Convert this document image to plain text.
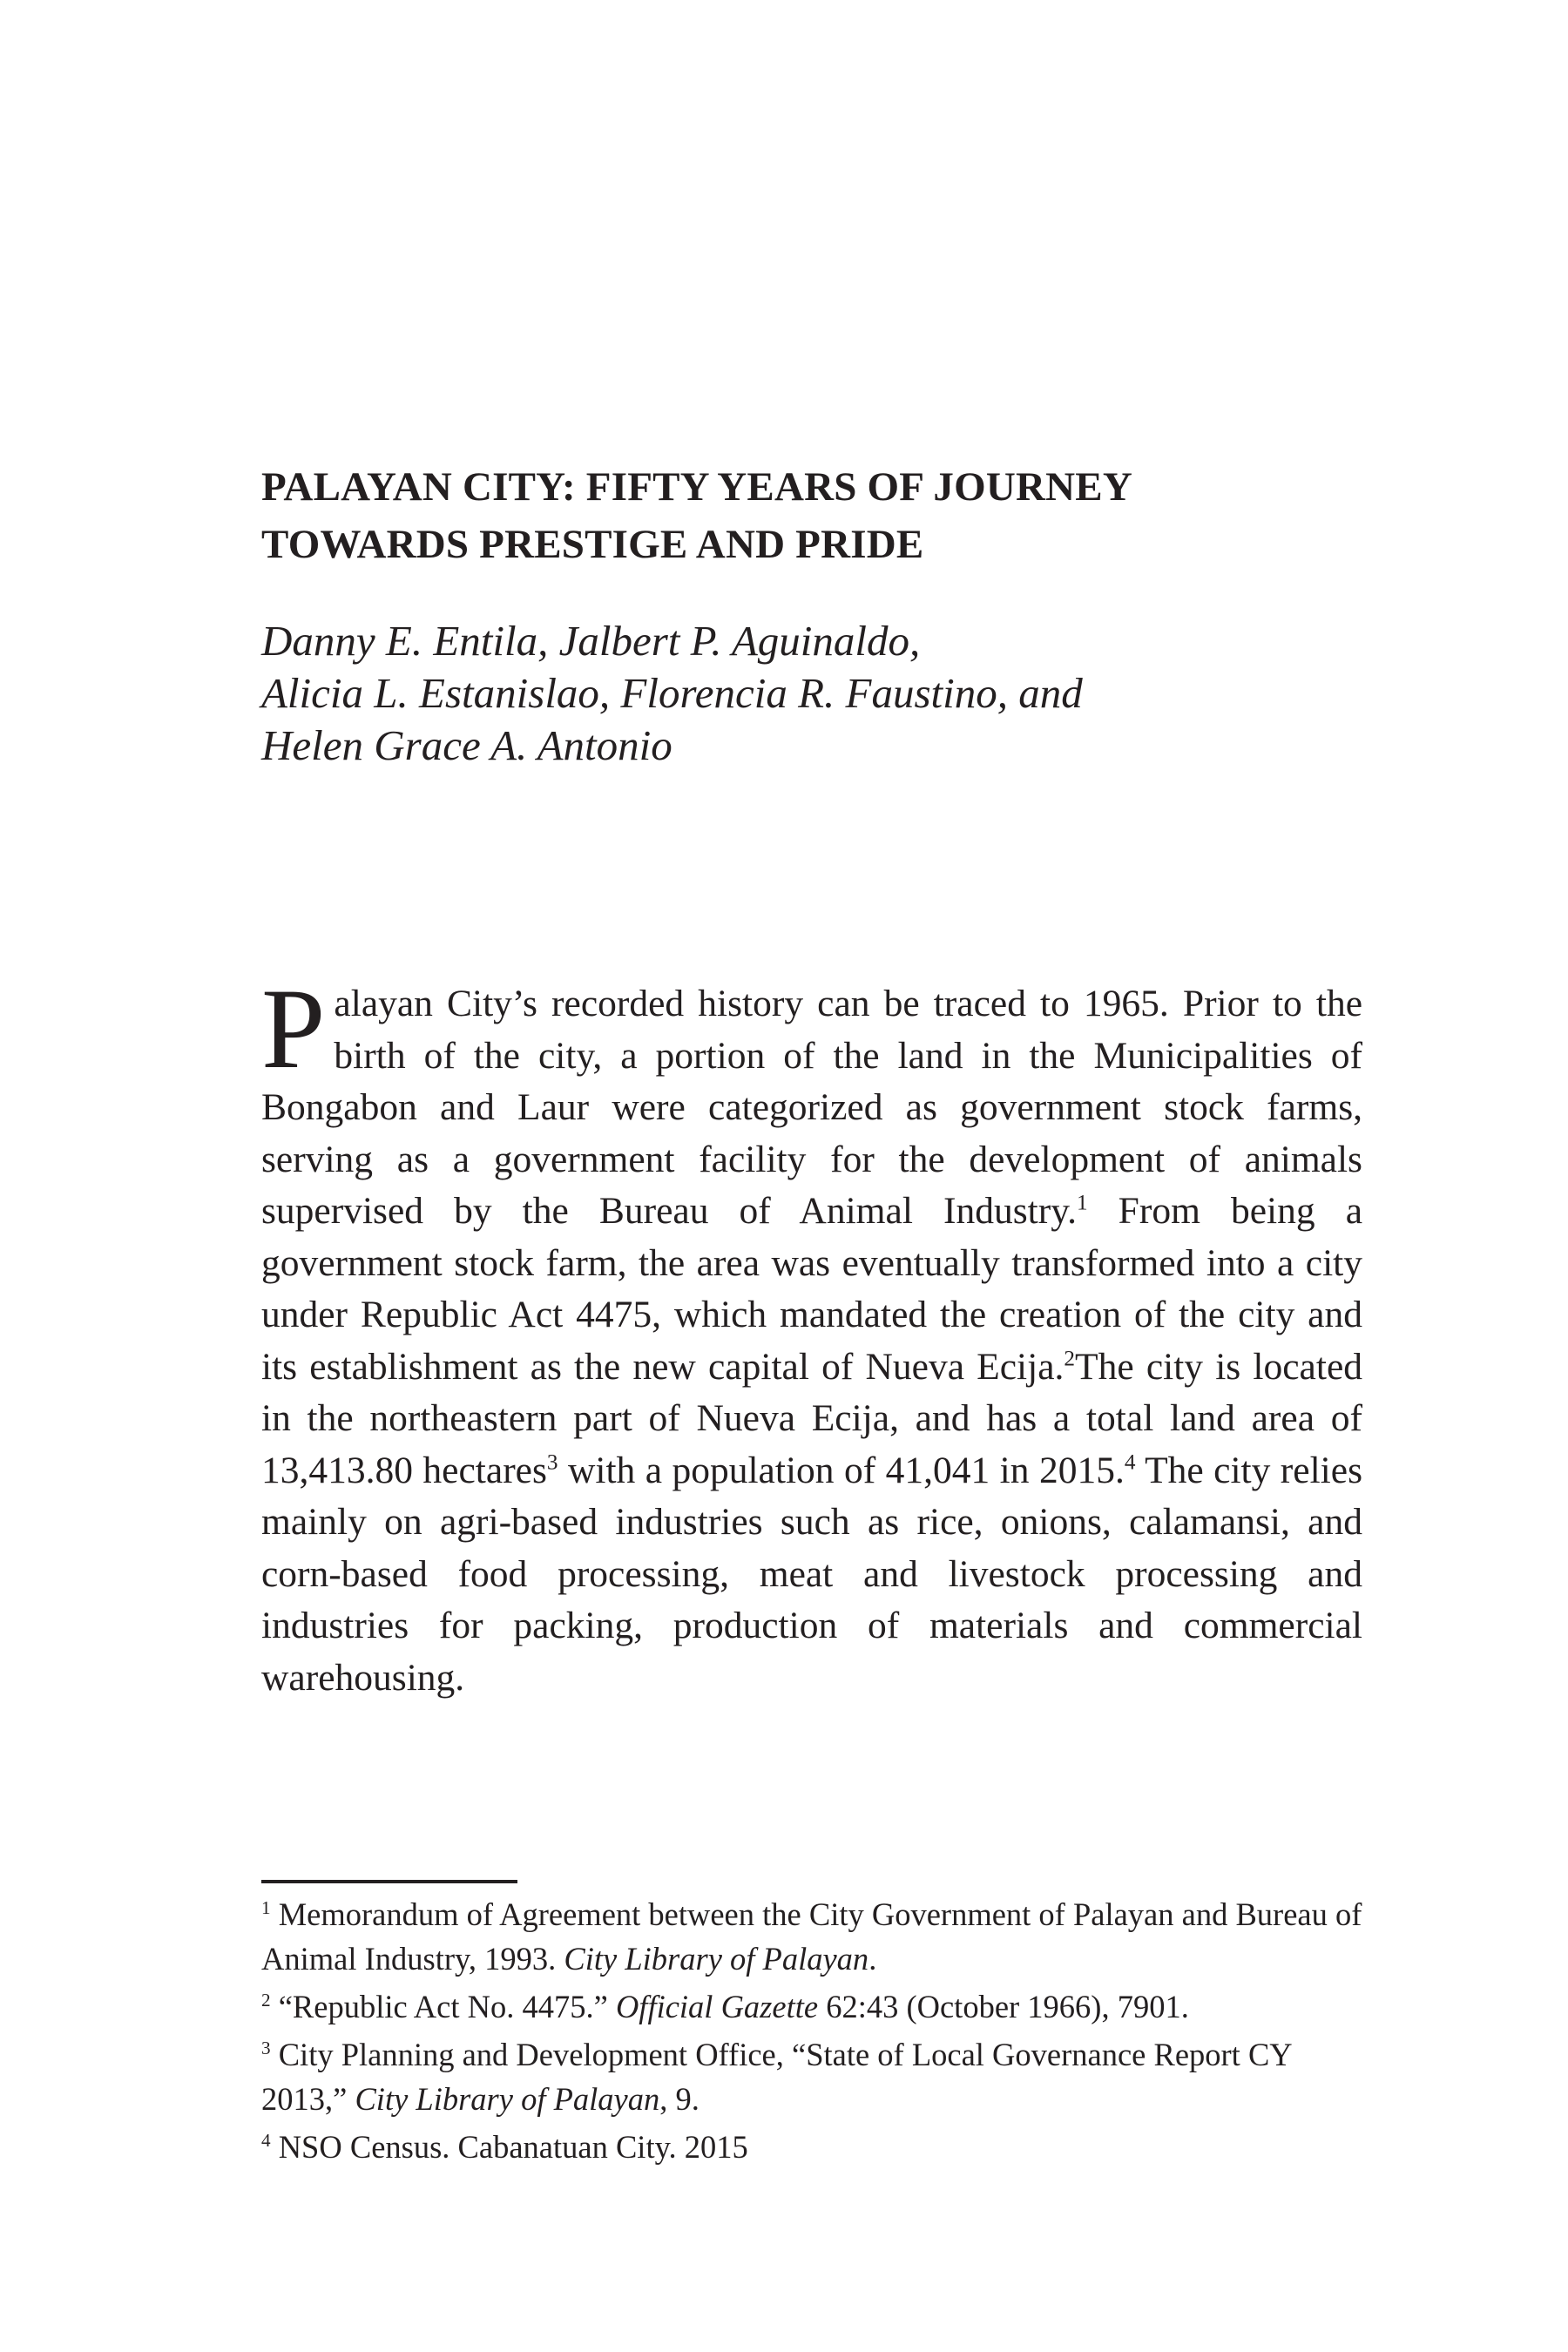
PALAYAN CITY: FIFTY YEARS OF JOURNEY
TOWARDS PRESTIGE AND PRIDE
Danny E. Entila, Jalbert P. Aguinaldo,
Alicia L. Estanislao, Florencia R. Faustino, and
Helen Grace A. Antonio

Palayan City’s recorded history can be traced to 1965. Prior to the birth of the city, a portion of the land in the Municipalities of Bongabon and Laur were categorized as government stock farms, serving as a government facility for the development of animals supervised by the Bureau of Animal Industry.$^1$ From being a government stock farm, the area was eventually transformed into a city under Republic Act 4475, which mandated the creation of the city and its establishment as the new capital of Nueva Ecija.$^2$The city is located in the northeastern part of Nueva Ecija, and has a total land area of 13,413.80 hectares$^3$ with a population of 41,041 in 2015.$^4$ The city relies mainly on agri-based industries such as rice, onions, calamansi, and corn-based food processing, meat and livestock processing and industries for packing, production of materials and commercial warehousing.

$^1$ Memorandum of Agreement between the City Government of Palayan and Bureau of Animal Industry, 1993. City Library of Palayan.

$^2$ “Republic Act No. 4475.” Official Gazette 62:43 (October 1966), 7901.

$^3$ City Planning and Development Office, “State of Local Governance Report CY 2013,” City Library of Palayan, 9.

$^4$ NSO Census. Cabanatuan City. 2015
